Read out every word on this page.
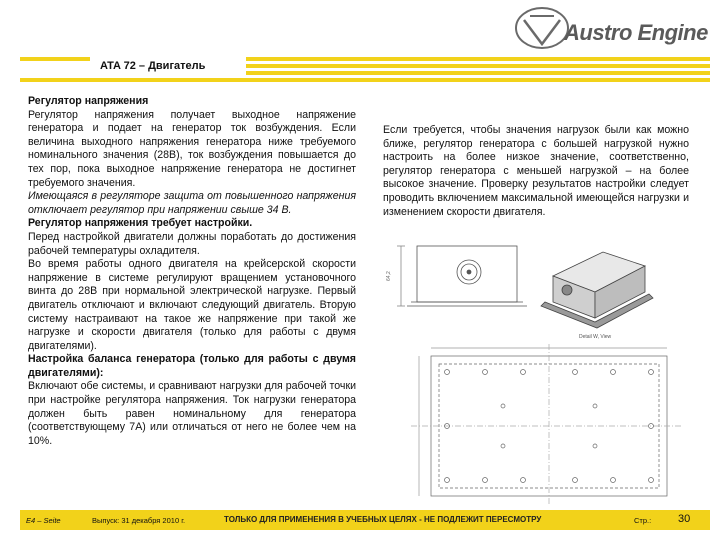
ATA 72 – Двигатель
Austro Engine

Регулятор напряжения

Регулятор напряжения получает выходное напряжение генератора и подает на генератор ток возбуждения. Если величина выходного напряжения генератора ниже требуемого номинального значения (28В), ток возбуждения повышается до тех пор, пока выходное напряжение генератора не достигнет требуемого значения.

Имеющаяся в регуляторе защита от повышенного напряжения отключает регулятор при напряжении свыше 34 В.

Регулятор напряжения требует настройки.

Перед настройкой двигатели должны поработать до достижения рабочей температуры охладителя.

Во время работы одного двигателя на крейсерской скорости напряжение в системе регулируют вращением установочного винта до 28В при нормальной электрической нагрузке. Первый двигатель отключают и включают следующий двигатель. Вторую систему настраивают на такое же напряжение при такой же нагрузке и скорости двигателя (только для работы с двумя двигателями).

Настройка баланса генератора (только для работы с двумя двигателями):

Включают обе системы, и сравнивают нагрузки для рабочей точки при настройке регулятора напряжения. Ток нагрузки генератора должен быть равен номинальному для генератора (соответствующему 7А) или отличаться от него не более чем на 10%.

Если требуется, чтобы значения нагрузок были как можно ближе, регулятор генератора с большей нагрузкой нужно настроить на более низкое значение, соответственно, регулятор генератора с меньшей нагрузкой – на более высокое значение. Проверку результатов настройки следует проводить включением максимальной имеющейся нагрузки и изменением скорости двигателя.

64,2
Detail W, View
E4 – Seite	Выпуск: 31 декабря 2010 г.	ТОЛЬКО ДЛЯ ПРИМЕНЕНИЯ В УЧЕБНЫХ ЦЕЛЯХ - НЕ ПОДЛЕЖИТ ПЕРЕСМОТРУ	Стр.: 30
